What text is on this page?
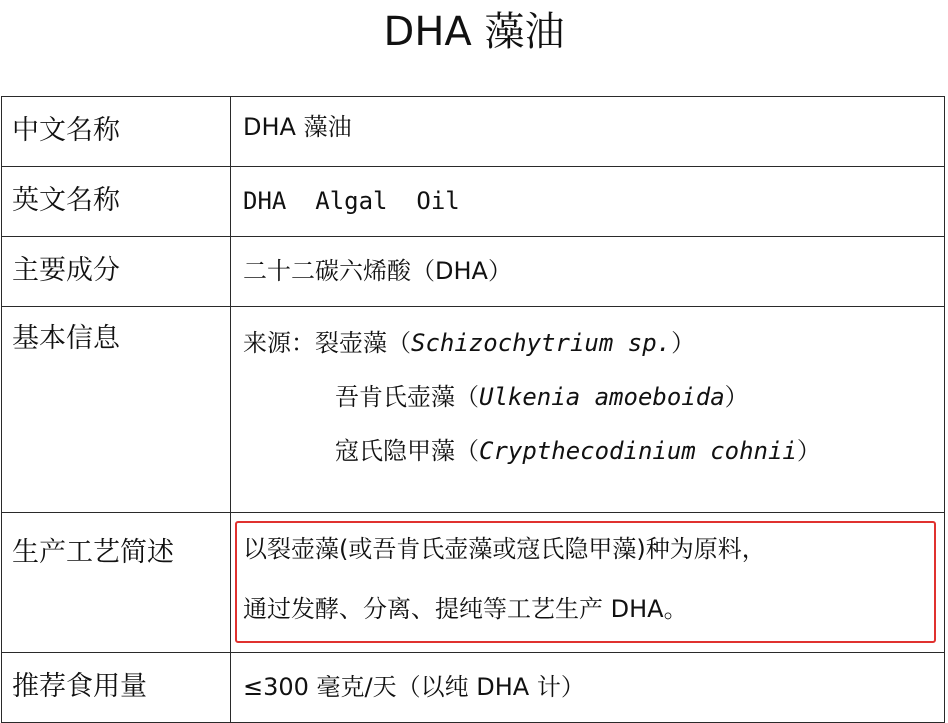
DHA 藻油
中文名称	DHA 藻油

英文名称	DHA  Algal  Oil

主要成分	二十二碳六烯酸（DHA）

基本信息	来源：裂壶藻（Schizochytrium sp.）
吾肯氏壶藻（Ulkenia amoeboida）
寇氏隐甲藻（Crypthecodinium cohnii）

生产工艺简述	以裂壶藻(或吾肯氏壶藻或寇氏隐甲藻)种为原料，
通过发酵、分离、提纯等工艺生产 DHA。

推荐食用量	≤300 毫克/天（以纯 DHA 计）
